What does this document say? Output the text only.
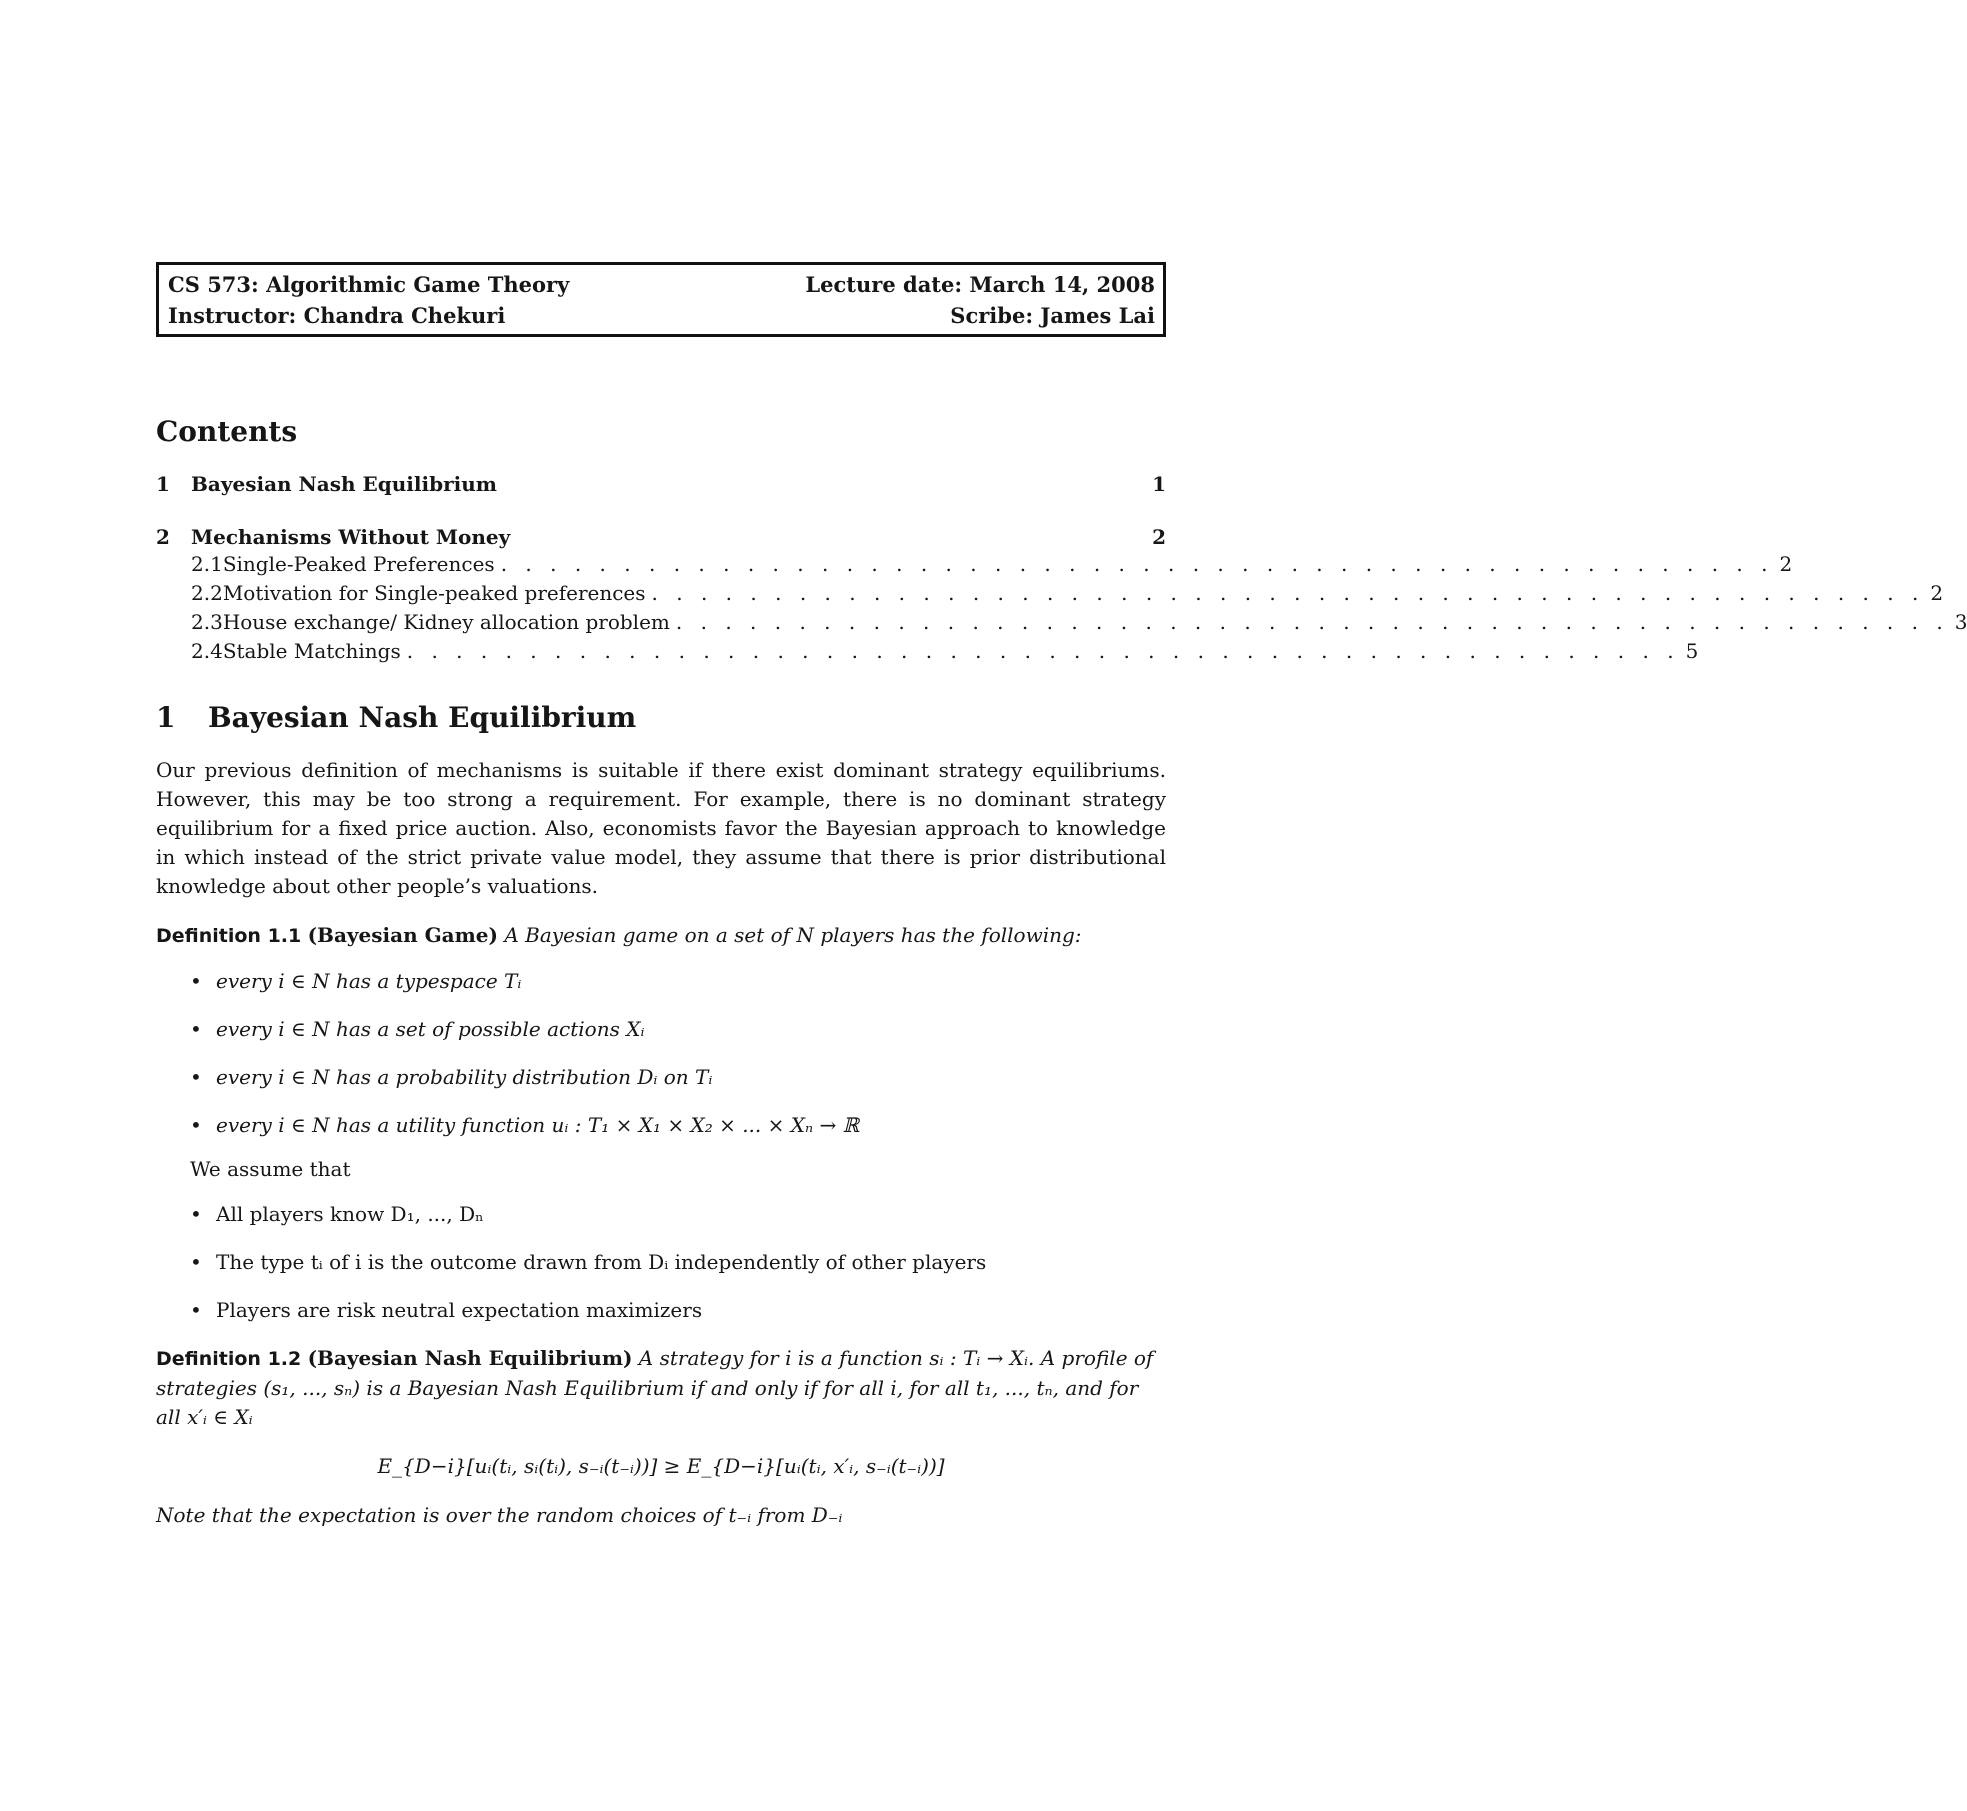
CS 573: Algorithmic Game Theory	Lecture date: March 14, 2008
Instructor: Chandra Chekuri	Scribe: James Lai
Contents
1	Bayesian Nash Equilibrium	1
2	Mechanisms Without Money	2
2.1 Single-Peaked Preferences . . . . . . . . . . . . . . . . . . . . . . . . . . . . . . . . . . . . . . . . . . . . . . . . . . . . 2
2.2 Motivation for Single-peaked preferences . . . . . . . . . . . . . . . . . . . . . . . . . . . . . . . . . . . . . . . . . . . . . . . . . . . . 2
2.3 House exchange/ Kidney allocation problem . . . . . . . . . . . . . . . . . . . . . . . . . . . . . . . . . . . . . . . . . . . . . . . . . . . . 3
2.4 Stable Matchings . . . . . . . . . . . . . . . . . . . . . . . . . . . . . . . . . . . . . . . . . . . . . . . . . . . . 5
1	Bayesian Nash Equilibrium

Our previous definition of mechanisms is suitable if there exist dominant strategy equilibriums. However, this may be too strong a requirement. For example, there is no dominant strategy equilibrium for a fixed price auction. Also, economists favor the Bayesian approach to knowledge in which instead of the strict private value model, they assume that there is prior distributional knowledge about other people’s valuations.

Definition 1.1 (Bayesian Game) A Bayesian game on a set of N players has the following:
• every i ∈ N has a typespace Tᵢ
• every i ∈ N has a set of possible actions Xᵢ
• every i ∈ N has a probability distribution Dᵢ on Tᵢ
• every i ∈ N has a utility function uᵢ : T₁ × X₁ × X₂ × ... × Xₙ → ℝ
We assume that
• All players know D₁, ..., Dₙ
• The type tᵢ of i is the outcome drawn from Dᵢ independently of other players
• Players are risk neutral expectation maximizers
Definition 1.2 (Bayesian Nash Equilibrium) A strategy for i is a function sᵢ : Tᵢ → Xᵢ. A profile of strategies (s₁, ..., sₙ) is a Bayesian Nash Equilibrium if and only if for all i, for all t₁, ..., tₙ, and for all x′ᵢ ∈ Xᵢ
E_{D−i}[uᵢ(tᵢ, sᵢ(tᵢ), s₋ᵢ(t₋ᵢ))] ≥ E_{D−i}[uᵢ(tᵢ, x′ᵢ, s₋ᵢ(t₋ᵢ))]
Note that the expectation is over the random choices of t₋ᵢ from D₋ᵢ
